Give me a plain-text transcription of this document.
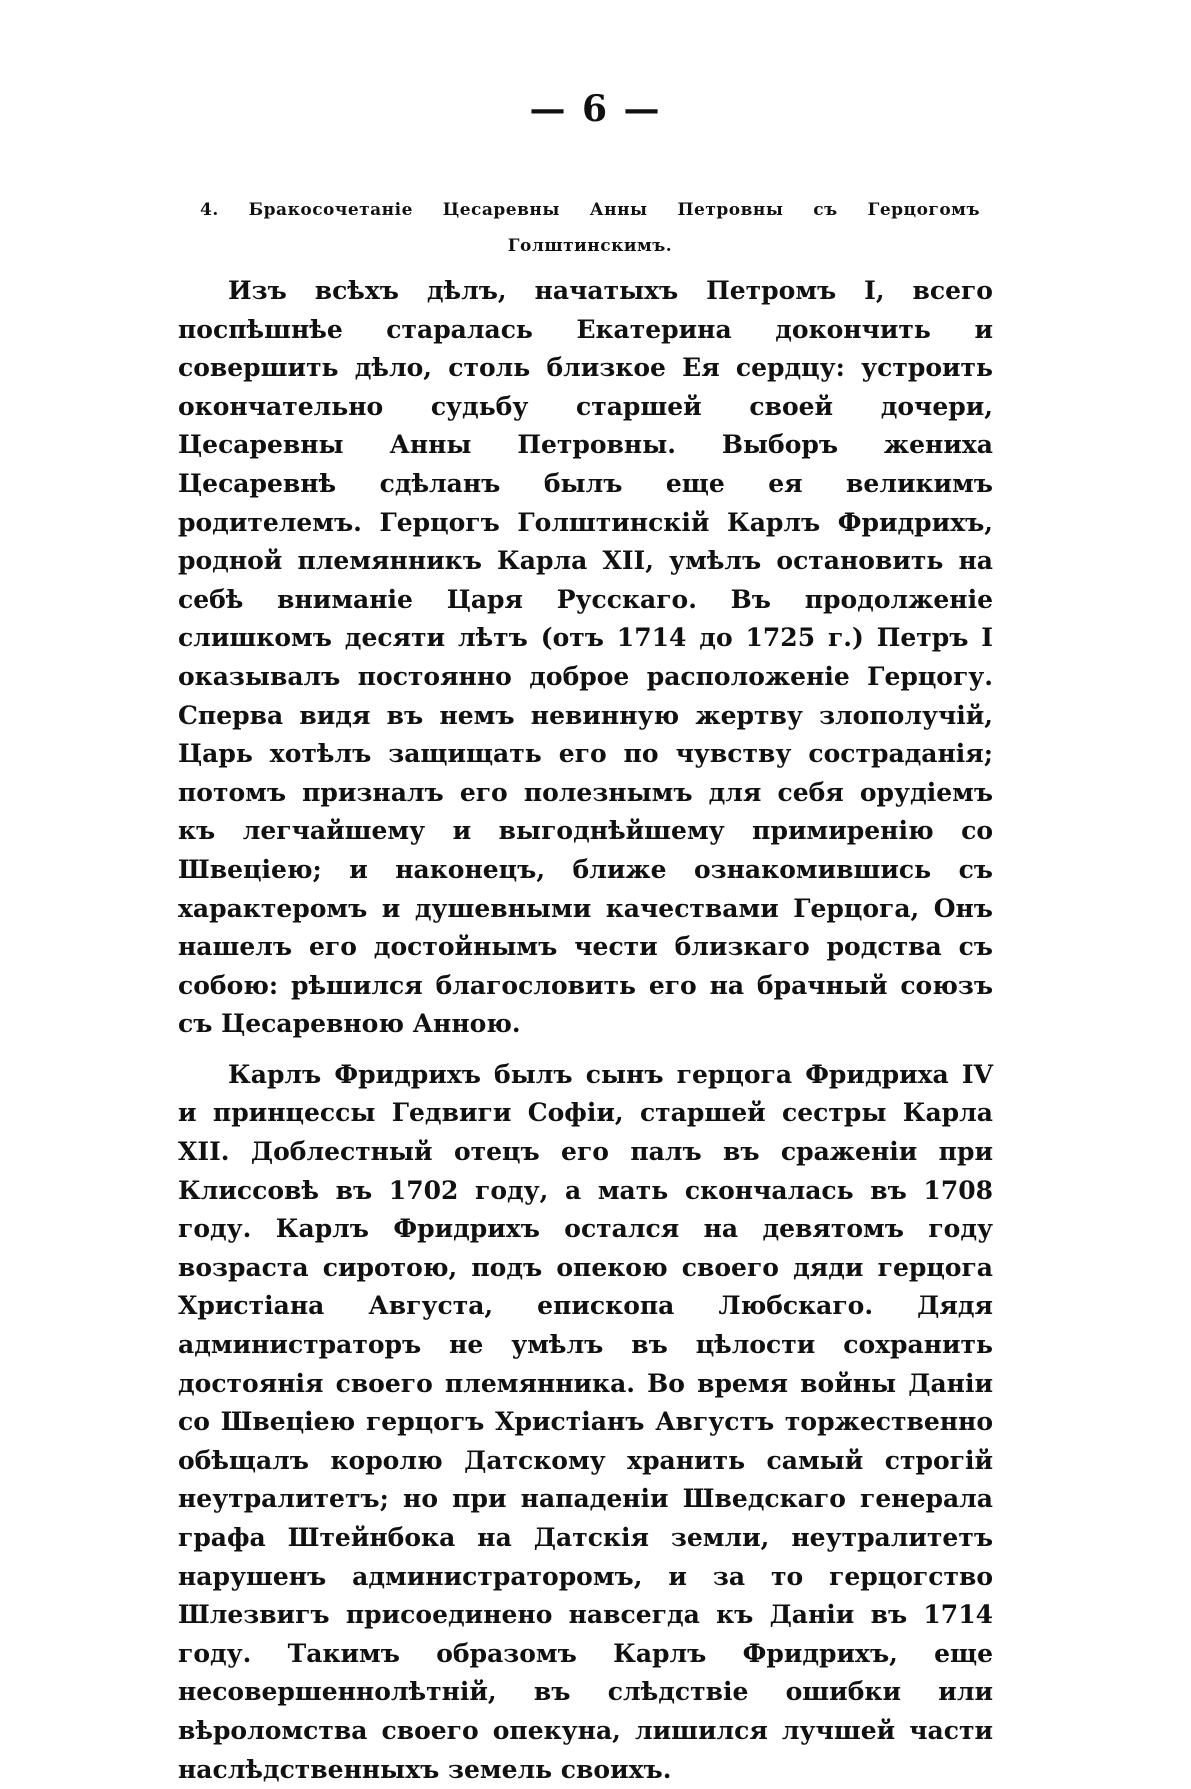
— 6 —
4. Бракосочетаніе Цесаревны Анны Петровны съ Герцогомъ Голштинскимъ.

Изъ всѣхъ дѣлъ, начатыхъ Петромъ I, всего поспѣшнѣе старалась Екатерина докончить и совершить дѣло, столь близкое Ея сердцу: устроить окончательно судьбу старшей своей дочери, Цесаревны Анны Петровны. Выборъ жениха Цесаревнѣ сдѣланъ былъ еще ея великимъ родителемъ. Герцогъ Голштинскій Карлъ Фридрихъ, родной племянникъ Карла XII, умѣлъ остановить на себѣ вниманіе Царя Русскаго. Въ продолженіе слишкомъ десяти лѣтъ (отъ 1714 до 1725 г.) Петръ I оказывалъ постоянно доброе расположеніе Герцогу. Сперва видя въ немъ невинную жертву злополучій, Царь хотѣлъ защищать его по чувству состраданія; потомъ призналъ его полезнымъ для себя орудіемъ къ легчайшему и выгоднѣйшему примиренію со Швеціею; и наконецъ, ближе ознакомившись съ характеромъ и душевными качествами Герцога, Онъ нашелъ его достойнымъ чести близкаго родства съ собою: рѣшился благословить его на брачный союзъ съ Цесаревною Анною.

Карлъ Фридрихъ былъ сынъ герцога Фридриха IV и принцессы Гедвиги Софіи, старшей сестры Карла XII. Доблестный отецъ его палъ въ сраженіи при Клиссовѣ въ 1702 году, а мать скончалась въ 1708 году. Карлъ Фридрихъ остался на девятомъ году возраста сиротою, подъ опекою своего дяди герцога Христіана Августа, епископа Любскаго. Дядя администраторъ не умѣлъ въ цѣлости сохранить достоянія своего племянника. Во время войны Даніи со Швеціею герцогъ Христіанъ Августъ торжественно обѣщалъ королю Датскому хранить самый строгій неутралитетъ; но при нападеніи Шведскаго генерала графа Штейнбока на Датскія земли, неутралитетъ нарушенъ администраторомъ, и за то герцогство Шлезвигъ присоединено навсегда къ Даніи въ 1714 году. Такимъ образомъ Карлъ Фридрихъ, еще несовершеннолѣтній, въ слѣдствіе ошибки или вѣроломства своего опекуна, лишился лучшей части наслѣдственныхъ земель своихъ.
